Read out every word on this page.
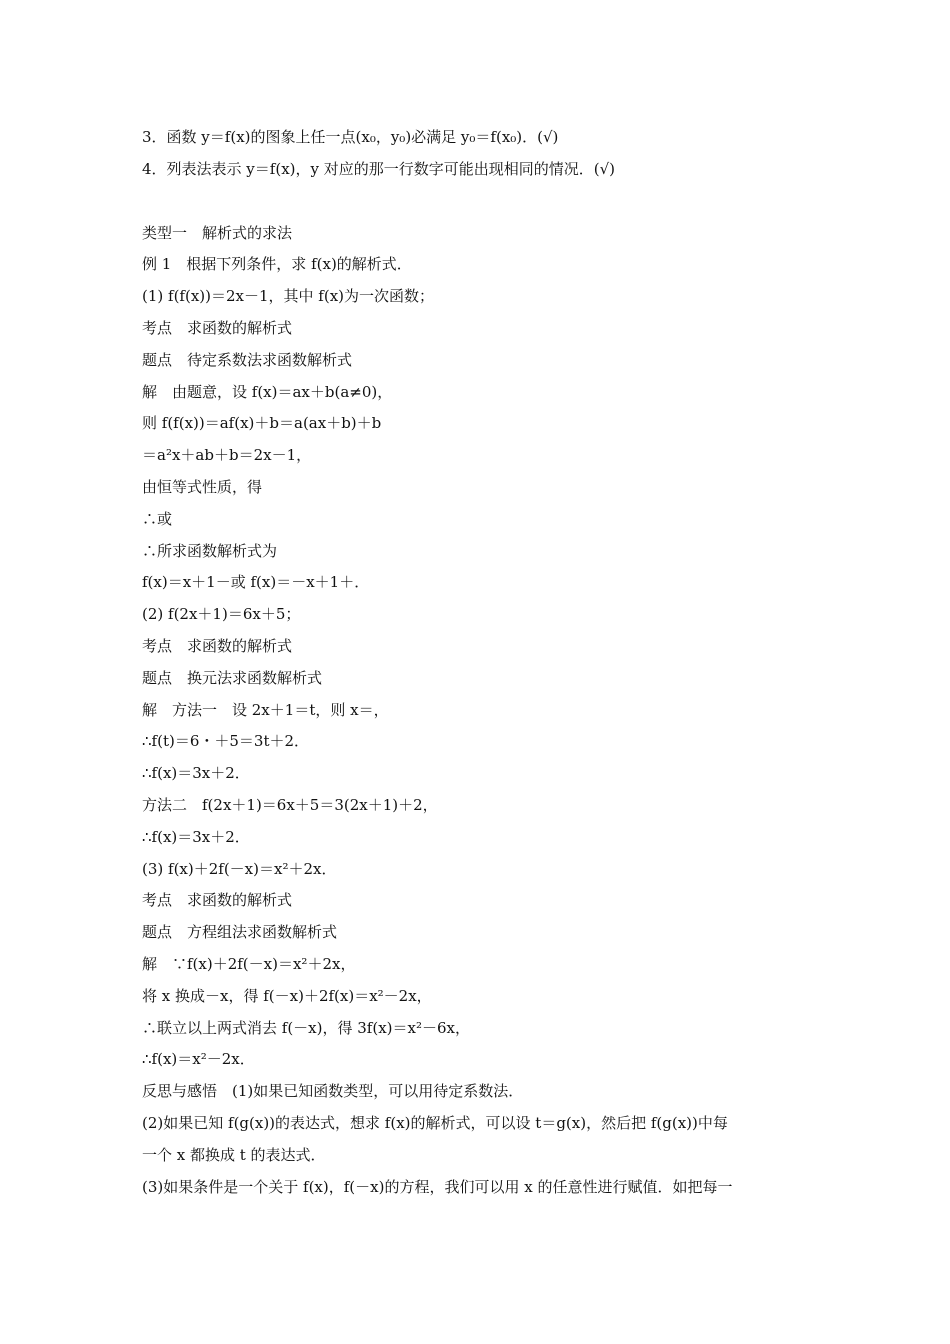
3．函数 y＝f(x)的图象上任一点(x₀，y₀)必满足 y₀＝f(x₀)．(√)
4．列表法表示 y＝f(x)，y 对应的那一行数字可能出现相同的情况．(√)
类型一　解析式的求法
例 1　根据下列条件，求 f(x)的解析式．
(1) f(f(x))＝2x－1，其中 f(x)为一次函数；
考点　求函数的解析式
题点　待定系数法求函数解析式
解　由题意，设 f(x)＝ax＋b(a≠0)，
则 f(f(x))＝af(x)＋b＝a(ax＋b)＋b
＝a²x＋ab＋b＝2x－1，
由恒等式性质，得
∴或
∴所求函数解析式为
f(x)＝x＋1－或 f(x)＝－x＋1＋．
(2) f(2x＋1)＝6x＋5；
考点　求函数的解析式
题点　换元法求函数解析式
解　方法一　设 2x＋1＝t，则 x＝，
∴f(t)＝6・＋5＝3t＋2．
∴f(x)＝3x＋2．
方法二　f(2x＋1)＝6x＋5＝3(2x＋1)＋2，
∴f(x)＝3x＋2．
(3) f(x)＋2f(－x)＝x²＋2x．
考点　求函数的解析式
题点　方程组法求函数解析式
解　∵f(x)＋2f(－x)＝x²＋2x，
将 x 换成－x，得 f(－x)＋2f(x)＝x²－2x，
∴联立以上两式消去 f(－x)，得 3f(x)＝x²－6x，
∴f(x)＝x²－2x．
反思与感悟　(1)如果已知函数类型，可以用待定系数法．
(2)如果已知 f(g(x))的表达式，想求 f(x)的解析式，可以设 t＝g(x)，然后把 f(g(x))中每
一个 x 都换成 t 的表达式．
(3)如果条件是一个关于 f(x)，f(－x)的方程，我们可以用 x 的任意性进行赋值．如把每一
